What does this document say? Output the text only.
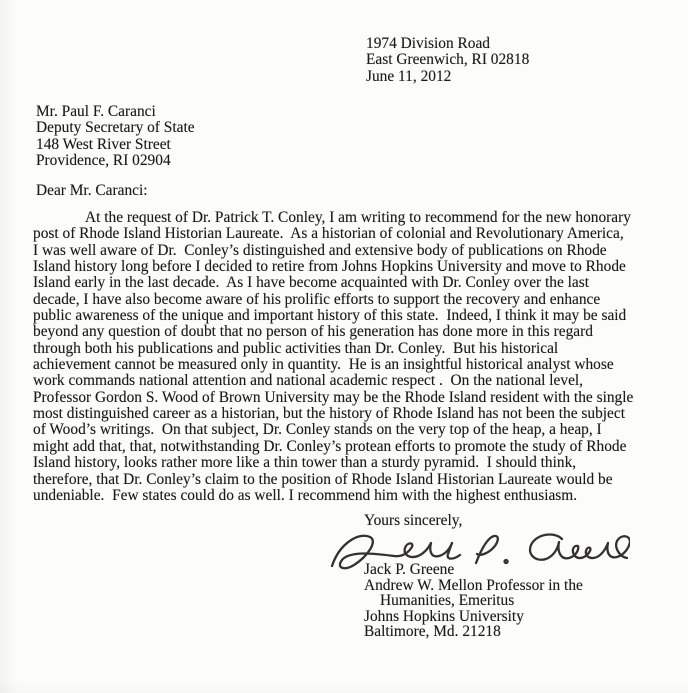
1974 Division Road
East Greenwich, RI 02818
June 11, 2012
Mr. Paul F. Caranci
Deputy Secretary of State
148 West River Street
Providence, RI 02904
Dear Mr. Caranci:
At the request of Dr. Patrick T. Conley, I am writing to recommend for the new honorary
post of Rhode Island Historian Laureate.  As a historian of colonial and Revolutionary America,
I was well aware of Dr.  Conley’s distinguished and extensive body of publications on Rhode
Island history long before I decided to retire from Johns Hopkins University and move to Rhode
Island early in the last decade.  As I have become acquainted with Dr. Conley over the last
decade, I have also become aware of his prolific efforts to support the recovery and enhance
public awareness of the unique and important history of this state.  Indeed, I think it may be said
beyond any question of doubt that no person of his generation has done more in this regard
through both his publications and public activities than Dr. Conley.  But his historical
achievement cannot be measured only in quantity.  He is an insightful historical analyst whose
work commands national attention and national academic respect .  On the national level,
Professor Gordon S. Wood of Brown University may be the Rhode Island resident with the single
most distinguished career as a historian, but the history of Rhode Island has not been the subject
of Wood’s writings.  On that subject, Dr. Conley stands on the very top of the heap, a heap, I
might add that, that, notwithstanding Dr. Conley’s protean efforts to promote the study of Rhode
Island history, looks rather more like a thin tower than a sturdy pyramid.  I should think,
therefore, that Dr. Conley’s claim to the position of Rhode Island Historian Laureate would be
undeniable.  Few states could do as well. I recommend him with the highest enthusiasm.
Yours sincerely,
Jack P. Greene
Andrew W. Mellon Professor in the
Humanities, Emeritus
Johns Hopkins University
Baltimore, Md. 21218
